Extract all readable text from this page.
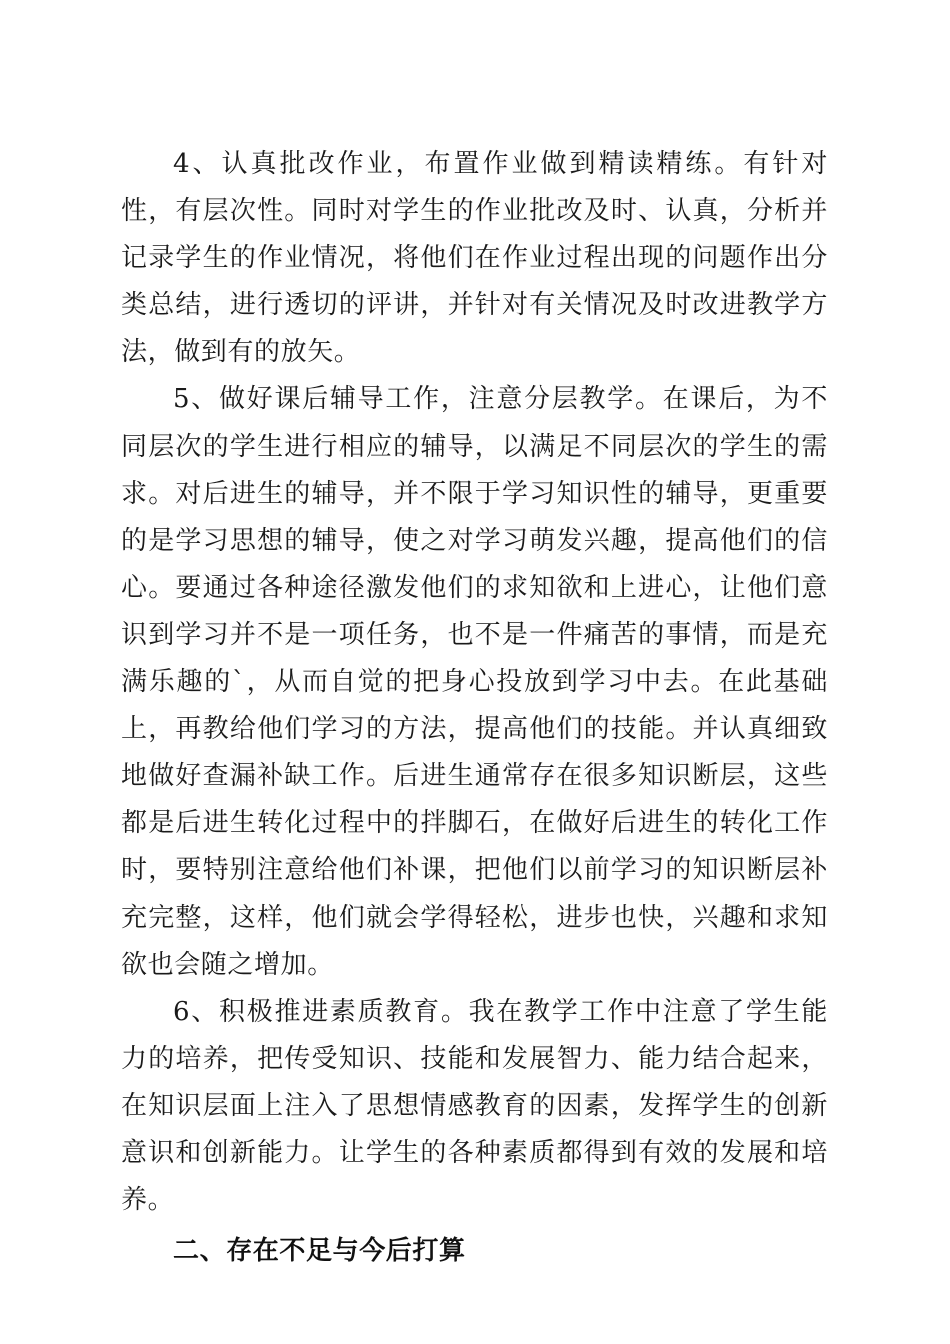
4、认真批改作业，布置作业做到精读精练。有针对性，有层次性。同时对学生的作业批改及时、认真，分析并记录学生的作业情况，将他们在作业过程出现的问题作出分类总结，进行透切的评讲，并针对有关情况及时改进教学方法，做到有的放矢。

5、做好课后辅导工作，注意分层教学。在课后，为不同层次的学生进行相应的辅导，以满足不同层次的学生的需求。对后进生的辅导，并不限于学习知识性的辅导，更重要的是学习思想的辅导，使之对学习萌发兴趣，提高他们的信心。要通过各种途径激发他们的求知欲和上进心，让他们意识到学习并不是一项任务，也不是一件痛苦的事情，而是充满乐趣的`，从而自觉的把身心投放到学习中去。在此基础上，再教给他们学习的方法，提高他们的技能。并认真细致地做好查漏补缺工作。后进生通常存在很多知识断层，这些都是后进生转化过程中的拌脚石，在做好后进生的转化工作时，要特别注意给他们补课，把他们以前学习的知识断层补充完整，这样，他们就会学得轻松，进步也快，兴趣和求知欲也会随之增加。

6、积极推进素质教育。我在教学工作中注意了学生能力的培养，把传受知识、技能和发展智力、能力结合起来，在知识层面上注入了思想情感教育的因素，发挥学生的创新意识和创新能力。让学生的各种素质都得到有效的发展和培养。

二、存在不足与今后打算
